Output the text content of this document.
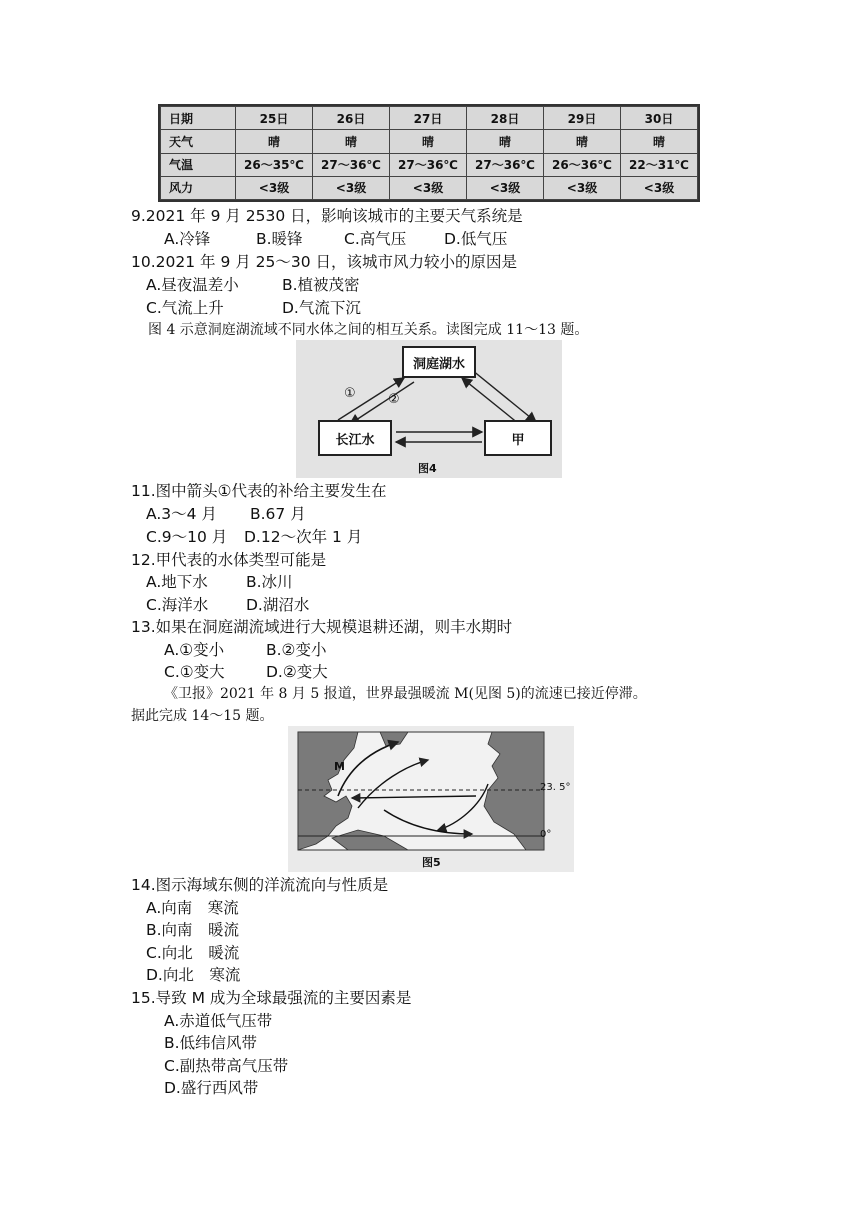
日期	25日	26日	27日	28日	29日	30日
天气	晴	晴	晴	晴	晴	晴
气温	26～35℃	27～36℃	27～36℃	27～36℃	26～36℃	22～31℃
风力	<3级	<3级	<3级	<3级	<3级	<3级
9.2021 年 9 月 2530 日，影响该城市的主要天气系统是
A.冷锋	B.暖锋	C.高气压 D.低气压
10.2021 年 9 月 25～30 日，该城市风力较小的原因是
A.昼夜温差小	B.植被茂密
C.气流上升	D.气流下沉
图 4 示意洞庭湖流域不同水体之间的相互关系。读图完成 11～13 题。
洞庭湖水
长江水	甲
① ②
图4
11.图中箭头①代表的补给主要发生在
A.3～4 月 B.67 月
C.9～10 月 D.12～次年 1 月
12.甲代表的水体类型可能是
A.地下水 B.冰川
C.海洋水 D.湖沼水
13.如果在洞庭湖流域进行大规模退耕还湖，则丰水期时
A.①变小	B.②变小
C.①变大	D.②变大
《卫报》2021 年 8 月 5 报道，世界最强暖流 M(见图 5)的流速已接近停滞。
据此完成 14～15 题。
M
23. 5°
0°
图5
14.图示海域东侧的洋流流向与性质是
A.向南　寒流
B.向南　暖流
C.向北　暖流
D.向北　寒流
15.导致 M 成为全球最强流的主要因素是
A.赤道低气压带
B.低纬信风带
C.副热带高气压带
D.盛行西风带
